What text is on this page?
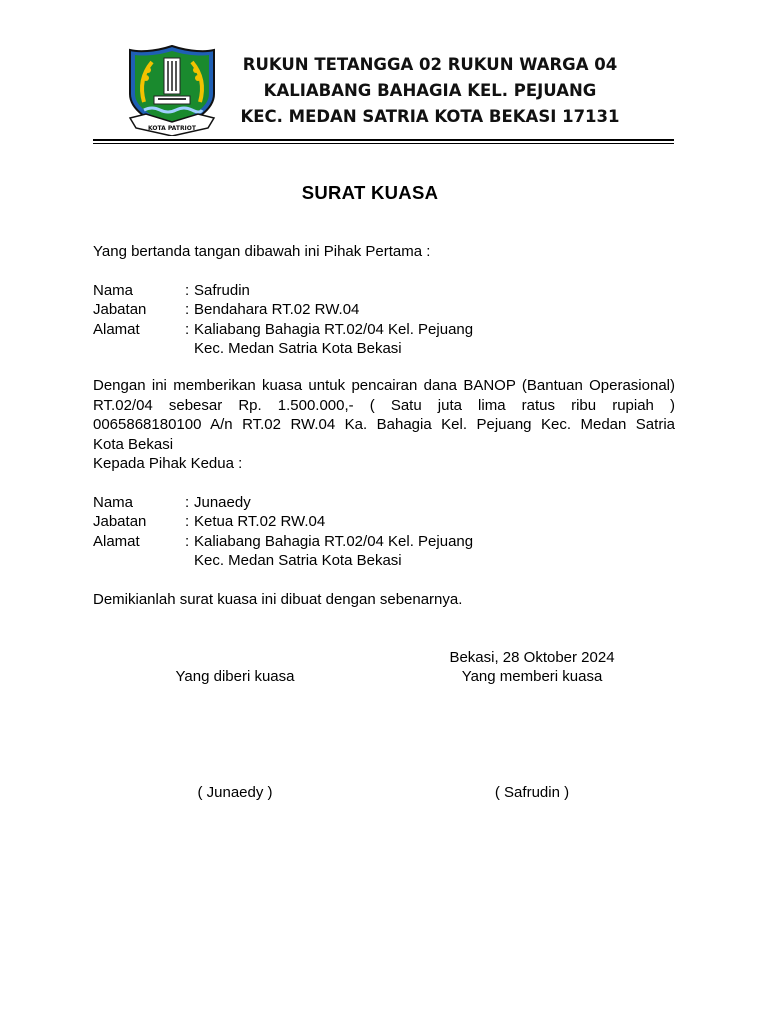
KOTA PATRIOT
RUKUN TETANGGA 02 RUKUN WARGA 04
KALIABANG BAHAGIA KEL. PEJUANG
KEC. MEDAN SATRIA KOTA BEKASI 17131
SURAT KUASA
Yang bertanda tangan dibawah ini Pihak Pertama :
Nama	: Safrudin
Jabatan	: Bendahara RT.02 RW.04
Alamat	: Kaliabang Bahagia RT.02/04 Kel. Pejuang
Kec. Medan Satria Kota Bekasi
Dengan ini memberikan kuasa untuk pencairan dana BANOP (Bantuan Operasional)
RT.02/04 sebesar Rp. 1.500.000,- ( Satu juta lima ratus ribu rupiah )
0065868180100 A/n RT.02 RW.04 Ka. Bahagia Kel. Pejuang Kec. Medan Satria
Kota Bekasi
Kepada Pihak Kedua :
Nama	: Junaedy
Jabatan	: Ketua RT.02 RW.04
Alamat	: Kaliabang Bahagia RT.02/04 Kel. Pejuang
Kec. Medan Satria Kota Bekasi
Demikianlah surat kuasa ini dibuat dengan sebenarnya.
Bekasi, 28 Oktober 2024
Yang diberi kuasa	Yang memberi kuasa
( Junaedy )	( Safrudin )
